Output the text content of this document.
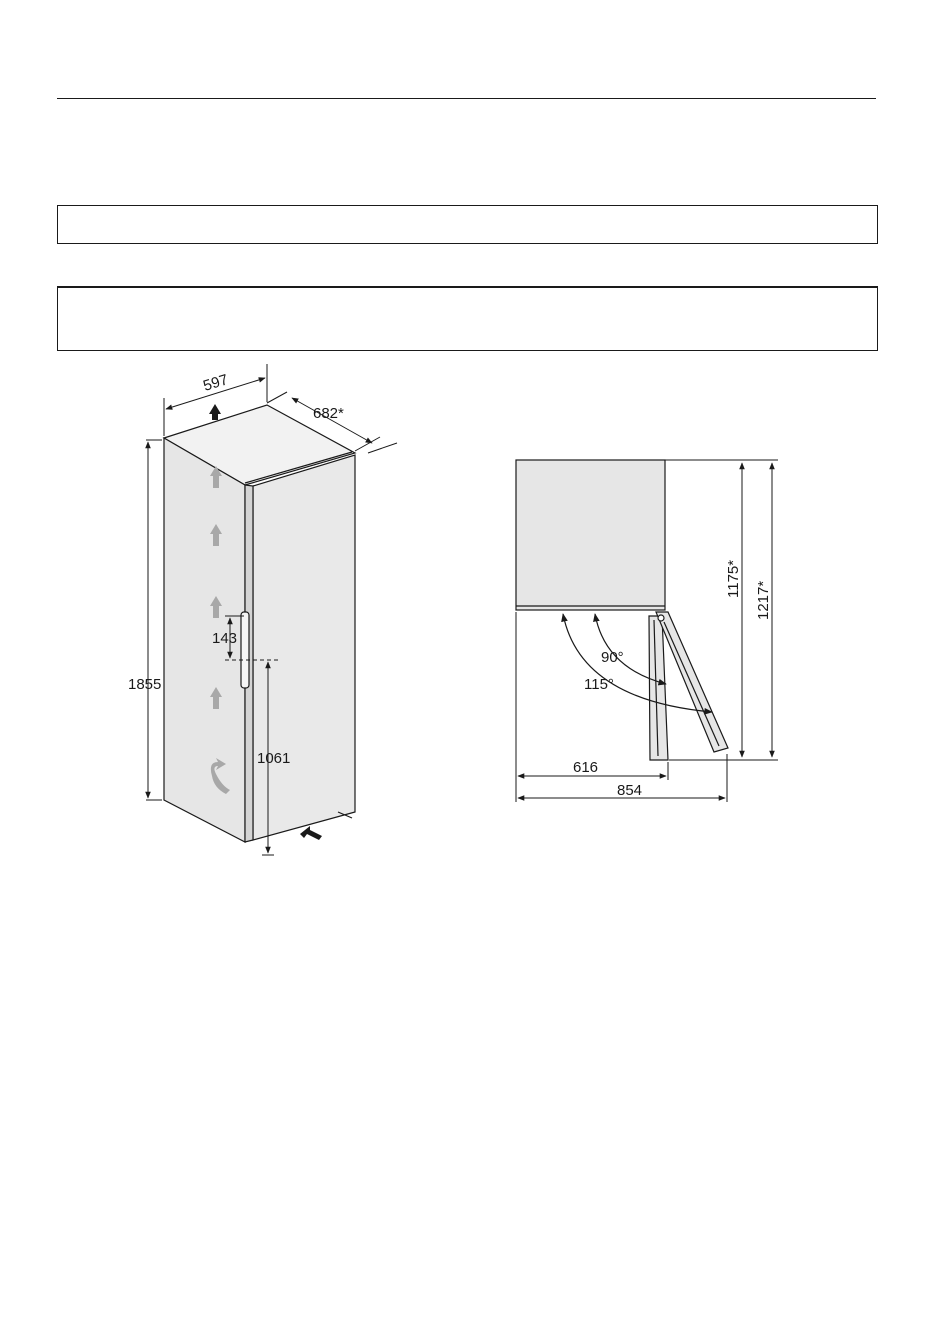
597
682*
1855
143
1061
1175*
1217*
90°
115°
616
854
